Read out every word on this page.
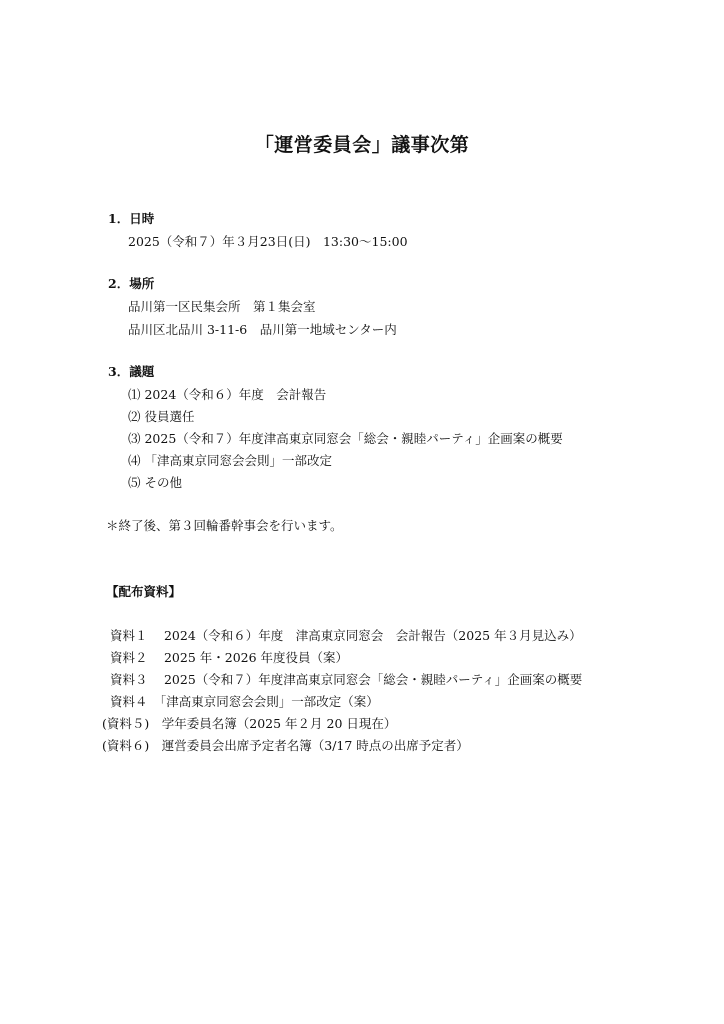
「運営委員会」議事次第
1．日時
2025（令和７）年３月23日(日)　13:30～15:00
2．場所
品川第一区民集会所　第１集会室
品川区北品川 3-11-6　品川第一地域センター内
3．議題
⑴ 2024（令和６）年度　会計報告
⑵ 役員選任
⑶ 2025（令和７）年度津高東京同窓会「総会・親睦パーティ」企画案の概要
⑷ 「津高東京同窓会会則」一部改定
⑸ その他
＊終了後、第３回輪番幹事会を行います。
【配布資料】
資料１　 2024（令和６）年度　津高東京同窓会　会計報告（2025 年３月見込み）
資料２　 2025 年・2026 年度役員（案）
資料３　 2025（令和７）年度津高東京同窓会「総会・親睦パーティ」企画案の概要
資料４　「津高東京同窓会会則」一部改定（案）
(資料５)　学年委員名簿（2025 年２月 20 日現在）
(資料６)　運営委員会出席予定者名簿（3/17 時点の出席予定者）
